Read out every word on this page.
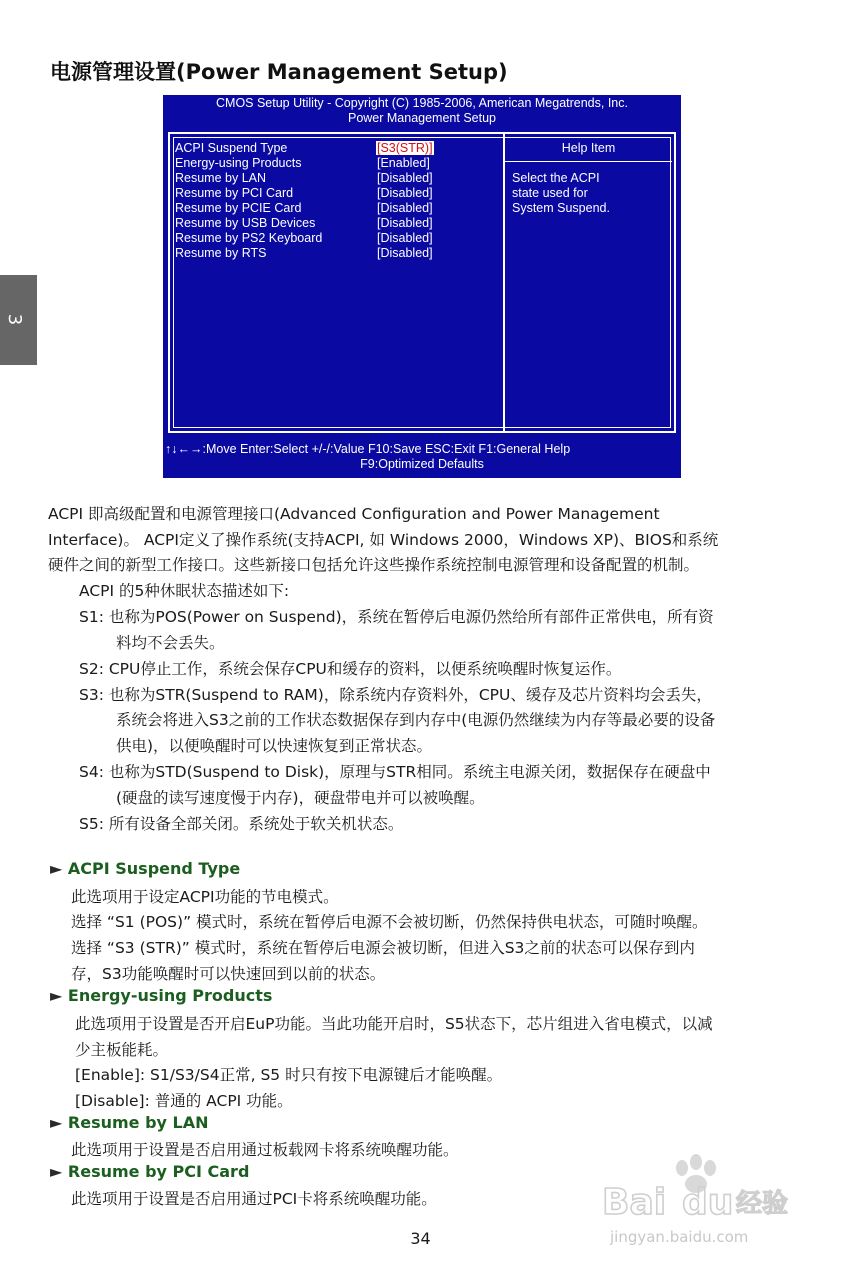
电源管理设置(Power Management Setup)
3
CMOS Setup Utility - Copyright (C) 1985-2006, American Megatrends, Inc.
Power Management Setup
ACPI Suspend Type	[S3(STR)]
Energy-using Products	[Enabled]
Resume by LAN	[Disabled]
Resume by PCI Card	[Disabled]
Resume by PCIE Card	[Disabled]
Resume by USB Devices	[Disabled]
Resume by PS2 Keyboard	[Disabled]
Resume by RTS	[Disabled]
Help Item
Select the ACPI
state used for
System Suspend.
↑↓←→:Move Enter:Select +/-/:Value F10:Save ESC:Exit F1:General Help
F9:Optimized Defaults
ACPI 即高级配置和电源管理接口(Advanced Configuration and Power Management
Interface)。 ACPI定义了操作系统(支持ACPI, 如 Windows 2000，Windows XP)、BIOS和系统
硬件之间的新型工作接口。这些新接口包括允许这些操作系统控制电源管理和设备配置的机制。
ACPI 的5种休眠状态描述如下:
S1: 也称为POS(Power on Suspend)，系统在暂停后电源仍然给所有部件正常供电，所有资
料均不会丢失。
S2: CPU停止工作，系统会保存CPU和缓存的资料，以便系统唤醒时恢复运作。
S3: 也称为STR(Suspend to RAM)，除系统内存资料外，CPU、缓存及芯片资料均会丢失，
系统会将进入S3之前的工作状态数据保存到内存中(电源仍然继续为内存等最必要的设备
供电)，以便唤醒时可以快速恢复到正常状态。
S4: 也称为STD(Suspend to Disk)，原理与STR相同。系统主电源关闭，数据保存在硬盘中
(硬盘的读写速度慢于内存)，硬盘带电并可以被唤醒。
S5: 所有设备全部关闭。系统处于软关机状态。
► ACPI Suspend Type
此选项用于设定ACPI功能的节电模式。
选择 “S1 (POS)” 模式时，系统在暂停后电源不会被切断，仍然保持供电状态，可随时唤醒。
选择 “S3 (STR)” 模式时，系统在暂停后电源会被切断，但进入S3之前的状态可以保存到内
存，S3功能唤醒时可以快速回到以前的状态。
► Energy-using Products
此选项用于设置是否开启EuP功能。当此功能开启时，S5状态下，芯片组进入省电模式，以减
少主板能耗。
[Enable]: S1/S3/S4正常, S5 时只有按下电源键后才能唤醒。
[Disable]: 普通的 ACPI 功能。
► Resume by LAN
此选项用于设置是否启用通过板载网卡将系统唤醒功能。
► Resume by PCI Card
此选项用于设置是否启用通过PCI卡将系统唤醒功能。
34
Bai du 经验
jingyan.baidu.com
